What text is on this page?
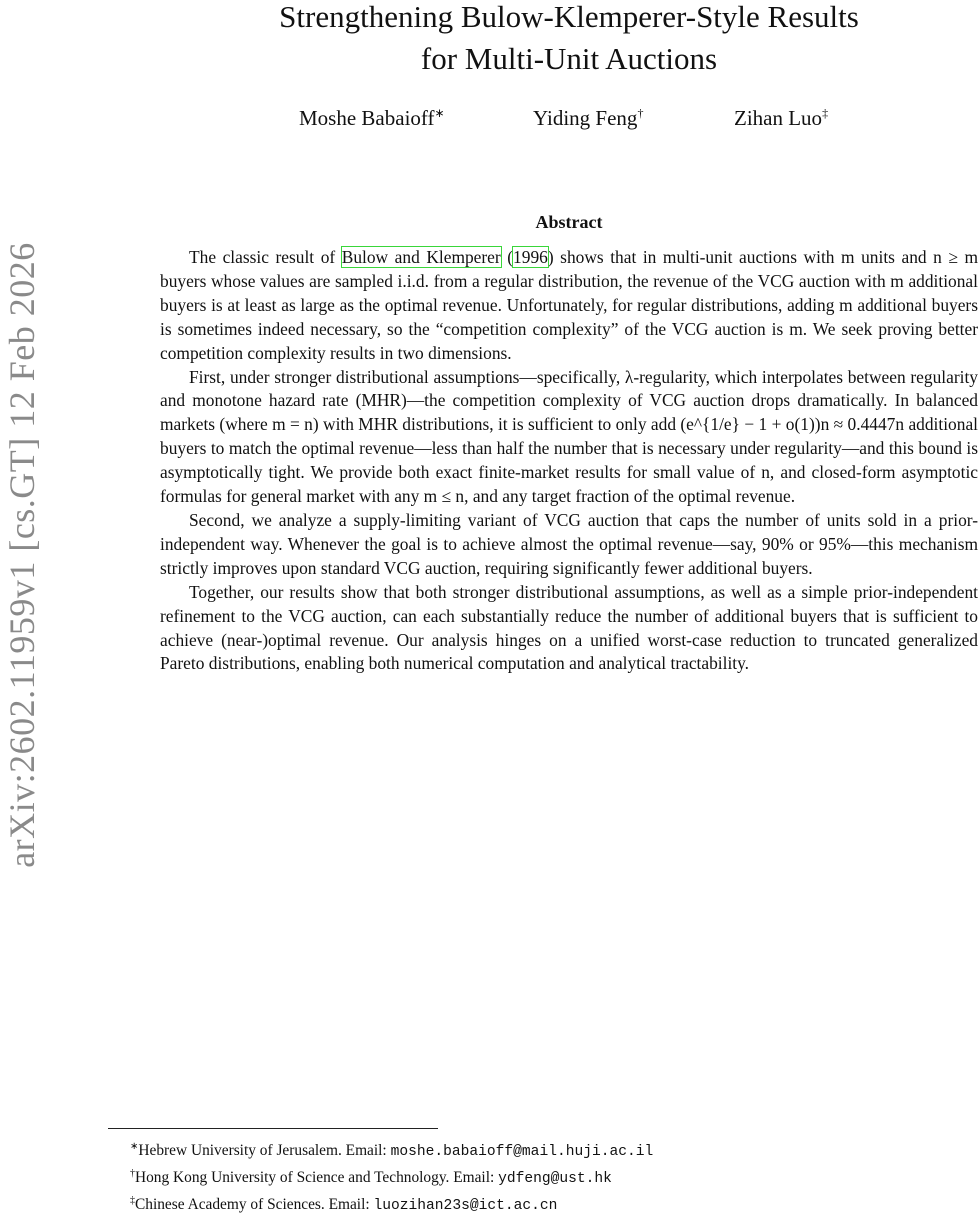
arXiv:2602.11959v1 [cs.GT] 12 Feb 2026
Strengthening Bulow-Klemperer-Style Results
for Multi-Unit Auctions
Moshe Babaioff∗	Yiding Feng†	Zihan Luo‡
Abstract

The classic result of Bulow and Klemperer (1996) shows that in multi-unit auctions with m units and n ≥ m buyers whose values are sampled i.i.d. from a regular distribution, the revenue of the VCG auction with m additional buyers is at least as large as the optimal revenue. Unfortunately, for regular distributions, adding m additional buyers is sometimes indeed necessary, so the “competition complexity” of the VCG auction is m. We seek proving better competition complexity results in two dimensions.

First, under stronger distributional assumptions—specifically, λ-regularity, which interpolates between regularity and monotone hazard rate (MHR)—the competition complexity of VCG auction drops dramatically. In balanced markets (where m = n) with MHR distributions, it is sufficient to only add (e^{1/e} − 1 + o(1))n ≈ 0.4447n additional buyers to match the optimal revenue—less than half the number that is necessary under regularity—and this bound is asymptotically tight. We provide both exact finite-market results for small value of n, and closed-form asymptotic formulas for general market with any m ≤ n, and any target fraction of the optimal revenue.

Second, we analyze a supply-limiting variant of VCG auction that caps the number of units sold in a prior-independent way. Whenever the goal is to achieve almost the optimal revenue—say, 90% or 95%—this mechanism strictly improves upon standard VCG auction, requiring significantly fewer additional buyers.

Together, our results show that both stronger distributional assumptions, as well as a simple prior-independent refinement to the VCG auction, can each substantially reduce the number of additional buyers that is sufficient to achieve (near-)optimal revenue. Our analysis hinges on a unified worst-case reduction to truncated generalized Pareto distributions, enabling both numerical computation and analytical tractability.

∗Hebrew University of Jerusalem. Email: moshe.babaioff@mail.huji.ac.il
†Hong Kong University of Science and Technology. Email: ydfeng@ust.hk
‡Chinese Academy of Sciences. Email: luozihan23s@ict.ac.cn
